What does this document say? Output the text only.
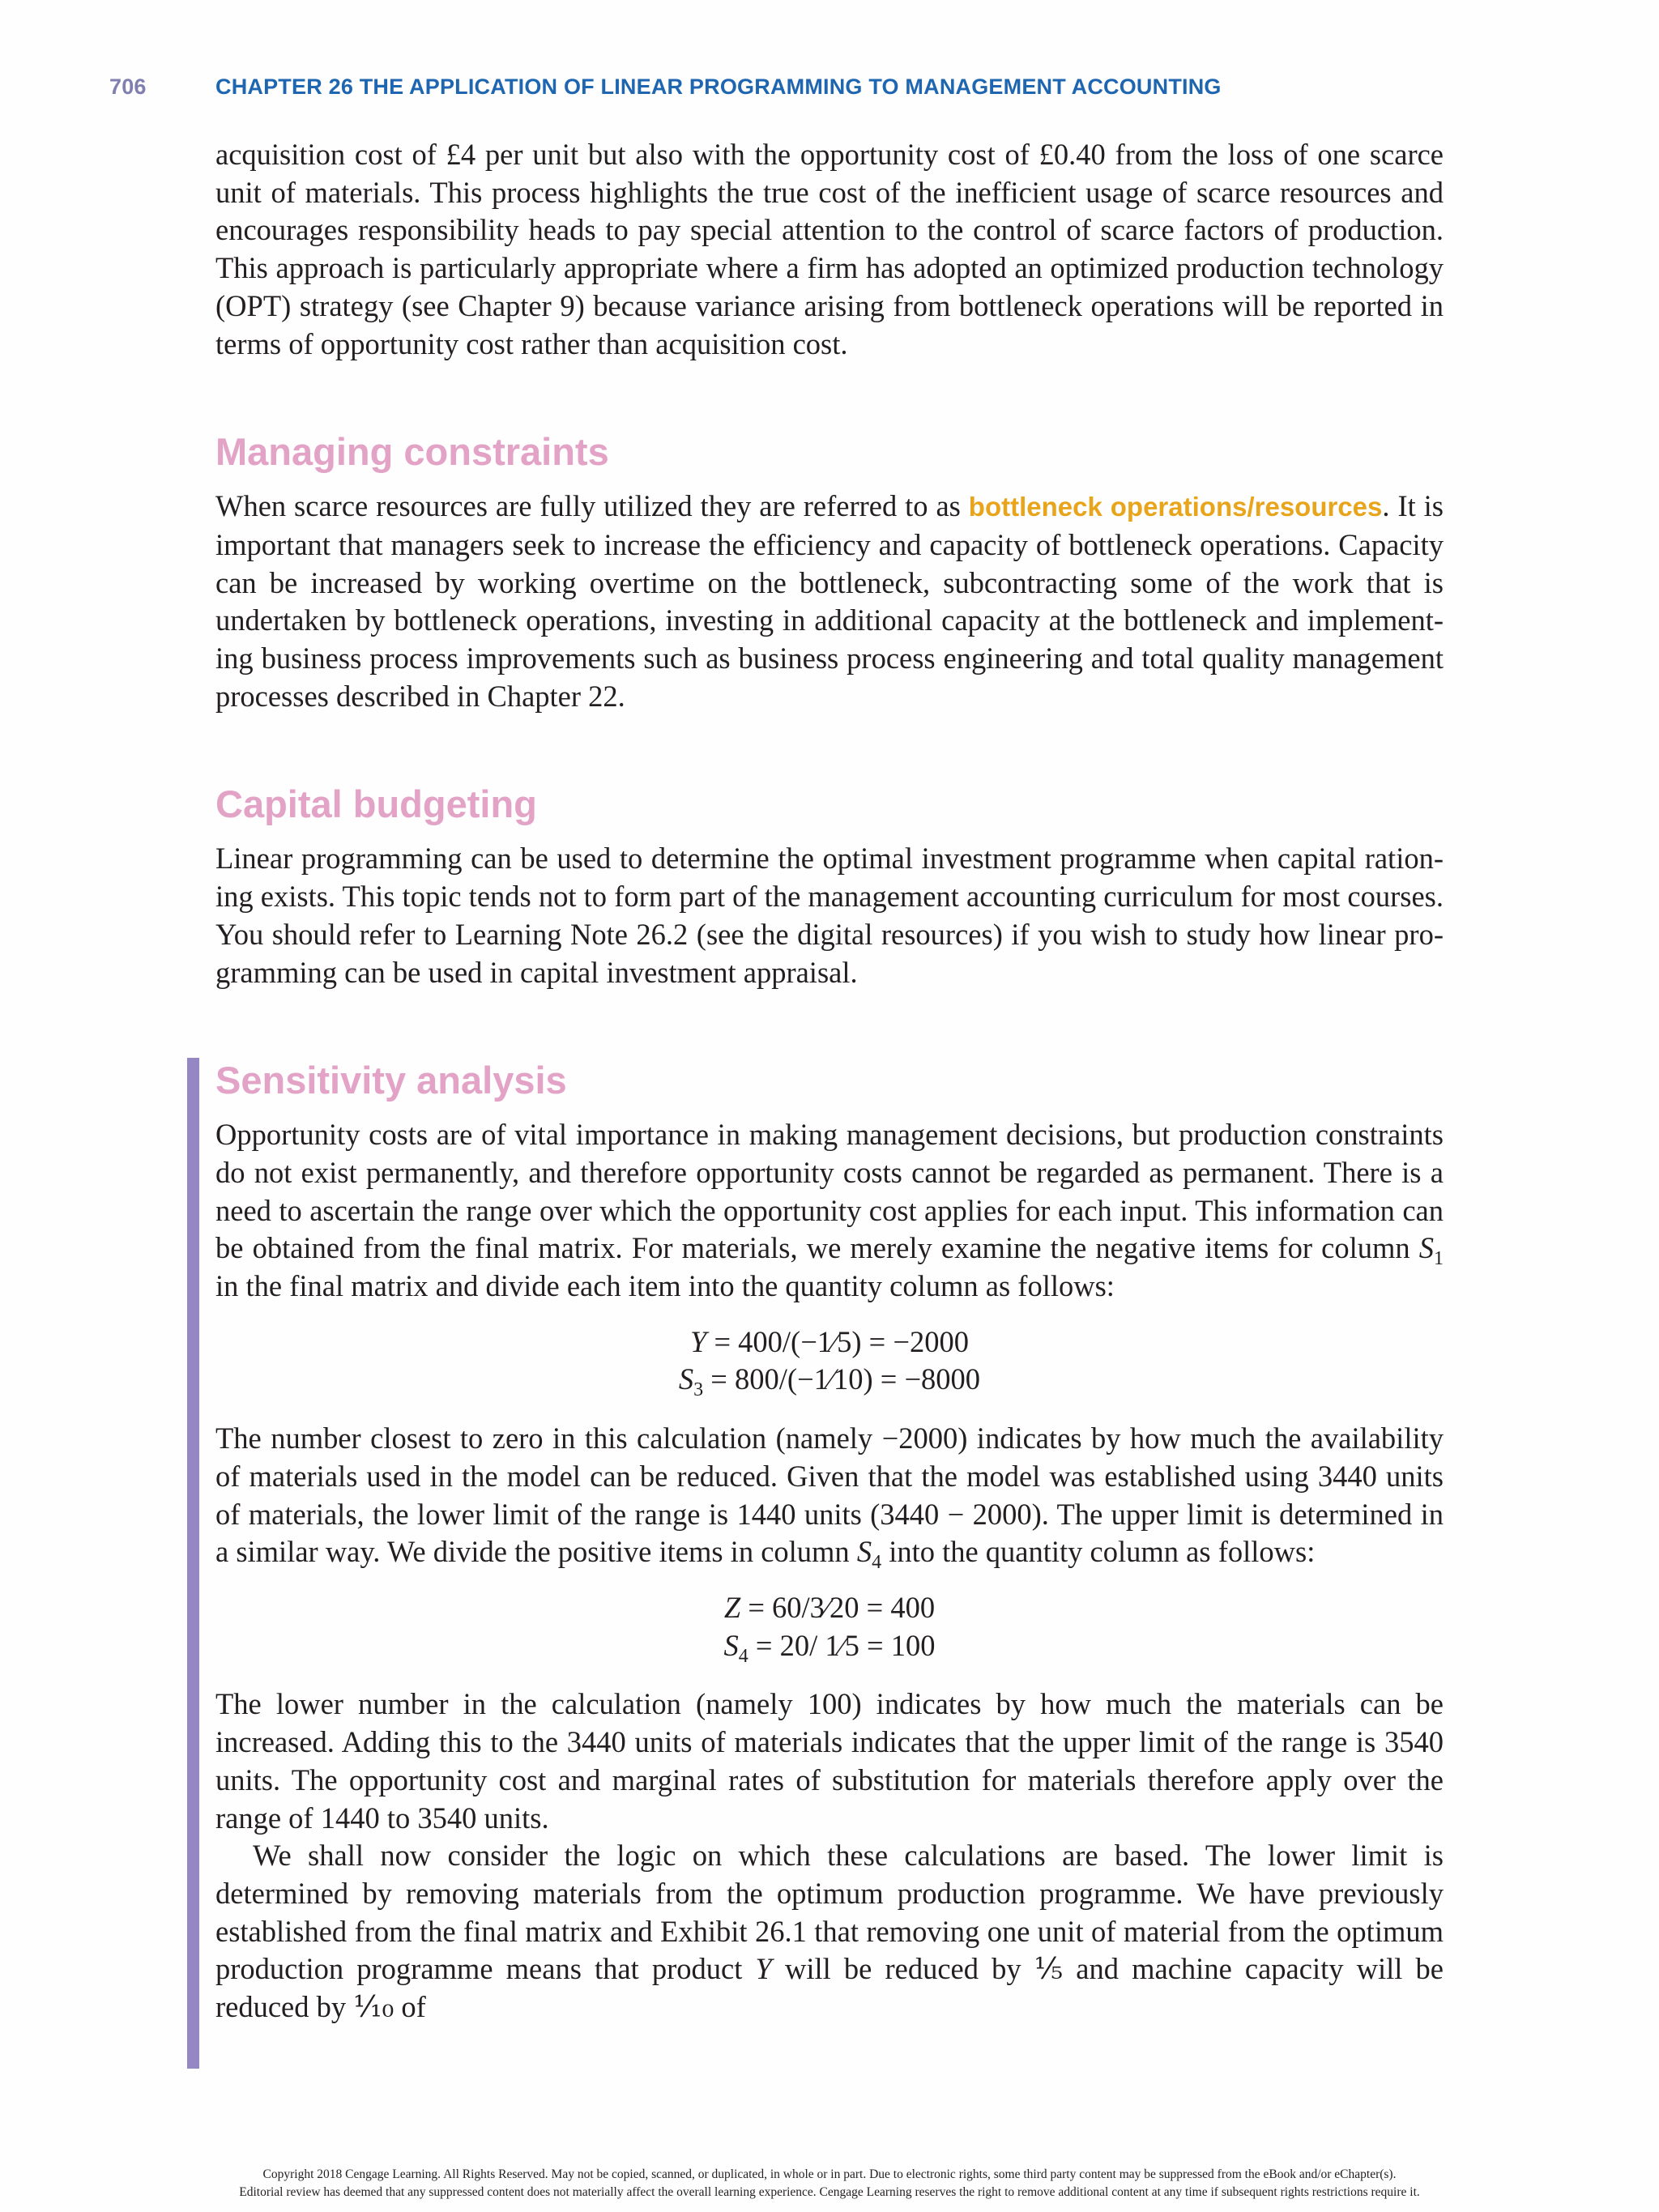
706	CHAPTER 26 THE APPLICATION OF LINEAR PROGRAMMING TO MANAGEMENT ACCOUNTING

acquisition cost of £4 per unit but also with the opportunity cost of £0.40 from the loss of one scarce unit of materials. This process highlights the true cost of the inefficient usage of scarce resources and encourages responsibility heads to pay special attention to the control of scarce factors of production. This approach is particularly appropriate where a firm has adopted an optimized production technology (OPT) strategy (see Chapter 9) because variance arising from bottleneck operations will be reported in terms of opportunity cost rather than acquisition cost.

Managing constraints

When scarce resources are fully utilized they are referred to as bottleneck operations/resources. It is important that managers seek to increase the efficiency and capacity of bottleneck operations. Capacity can be increased by working overtime on the bottleneck, subcontracting some of the work that is undertaken by bottleneck operations, investing in additional capacity at the bottleneck and implementing business process improvements such as business process engineering and total quality management processes described in Chapter 22.

Capital budgeting

Linear programming can be used to determine the optimal investment programme when capital rationing exists. This topic tends not to form part of the management accounting curriculum for most courses. You should refer to Learning Note 26.2 (see the digital resources) if you wish to study how linear programming can be used in capital investment appraisal.

Sensitivity analysis

Opportunity costs are of vital importance in making management decisions, but production constraints do not exist permanently, and therefore opportunity costs cannot be regarded as permanent. There is a need to ascertain the range over which the opportunity cost applies for each input. This information can be obtained from the final matrix. For materials, we merely examine the negative items for column $S_1$ in the final matrix and divide each item into the quantity column as follows:

Y = 400/(−1⁄5) = −2000
$S_3$ = 800/(−1⁄10) = −8000

The number closest to zero in this calculation (namely −2000) indicates by how much the availability of materials used in the model can be reduced. Given that the model was established using 3440 units of materials, the lower limit of the range is 1440 units (3440 − 2000). The upper limit is determined in a similar way. We divide the positive items in column $S_4$ into the quantity column as follows:

Z = 60/3⁄20 = 400
$S_4 = 20/$ 1⁄5 = 100

The lower number in the calculation (namely 100) indicates by how much the materials can be increased. Adding this to the 3440 units of materials indicates that the upper limit of the range is 3540 units. The opportunity cost and marginal rates of substitution for materials therefore apply over the range of 1440 to 3540 units.

We shall now consider the logic on which these calculations are based. The lower limit is determined by removing materials from the optimum production programme. We have previously established from the final matrix and Exhibit 26.1 that removing one unit of material from the optimum production programme means that product Y will be reduced by ⅕ and machine capacity will be reduced by ⅒ of

Copyright 2018 Cengage Learning. All Rights Reserved. May not be copied, scanned, or duplicated, in whole or in part. Due to electronic rights, some third party content may be suppressed from the eBook and/or eChapter(s).
Editorial review has deemed that any suppressed content does not materially affect the overall learning experience. Cengage Learning reserves the right to remove additional content at any time if subsequent rights restrictions require it.
